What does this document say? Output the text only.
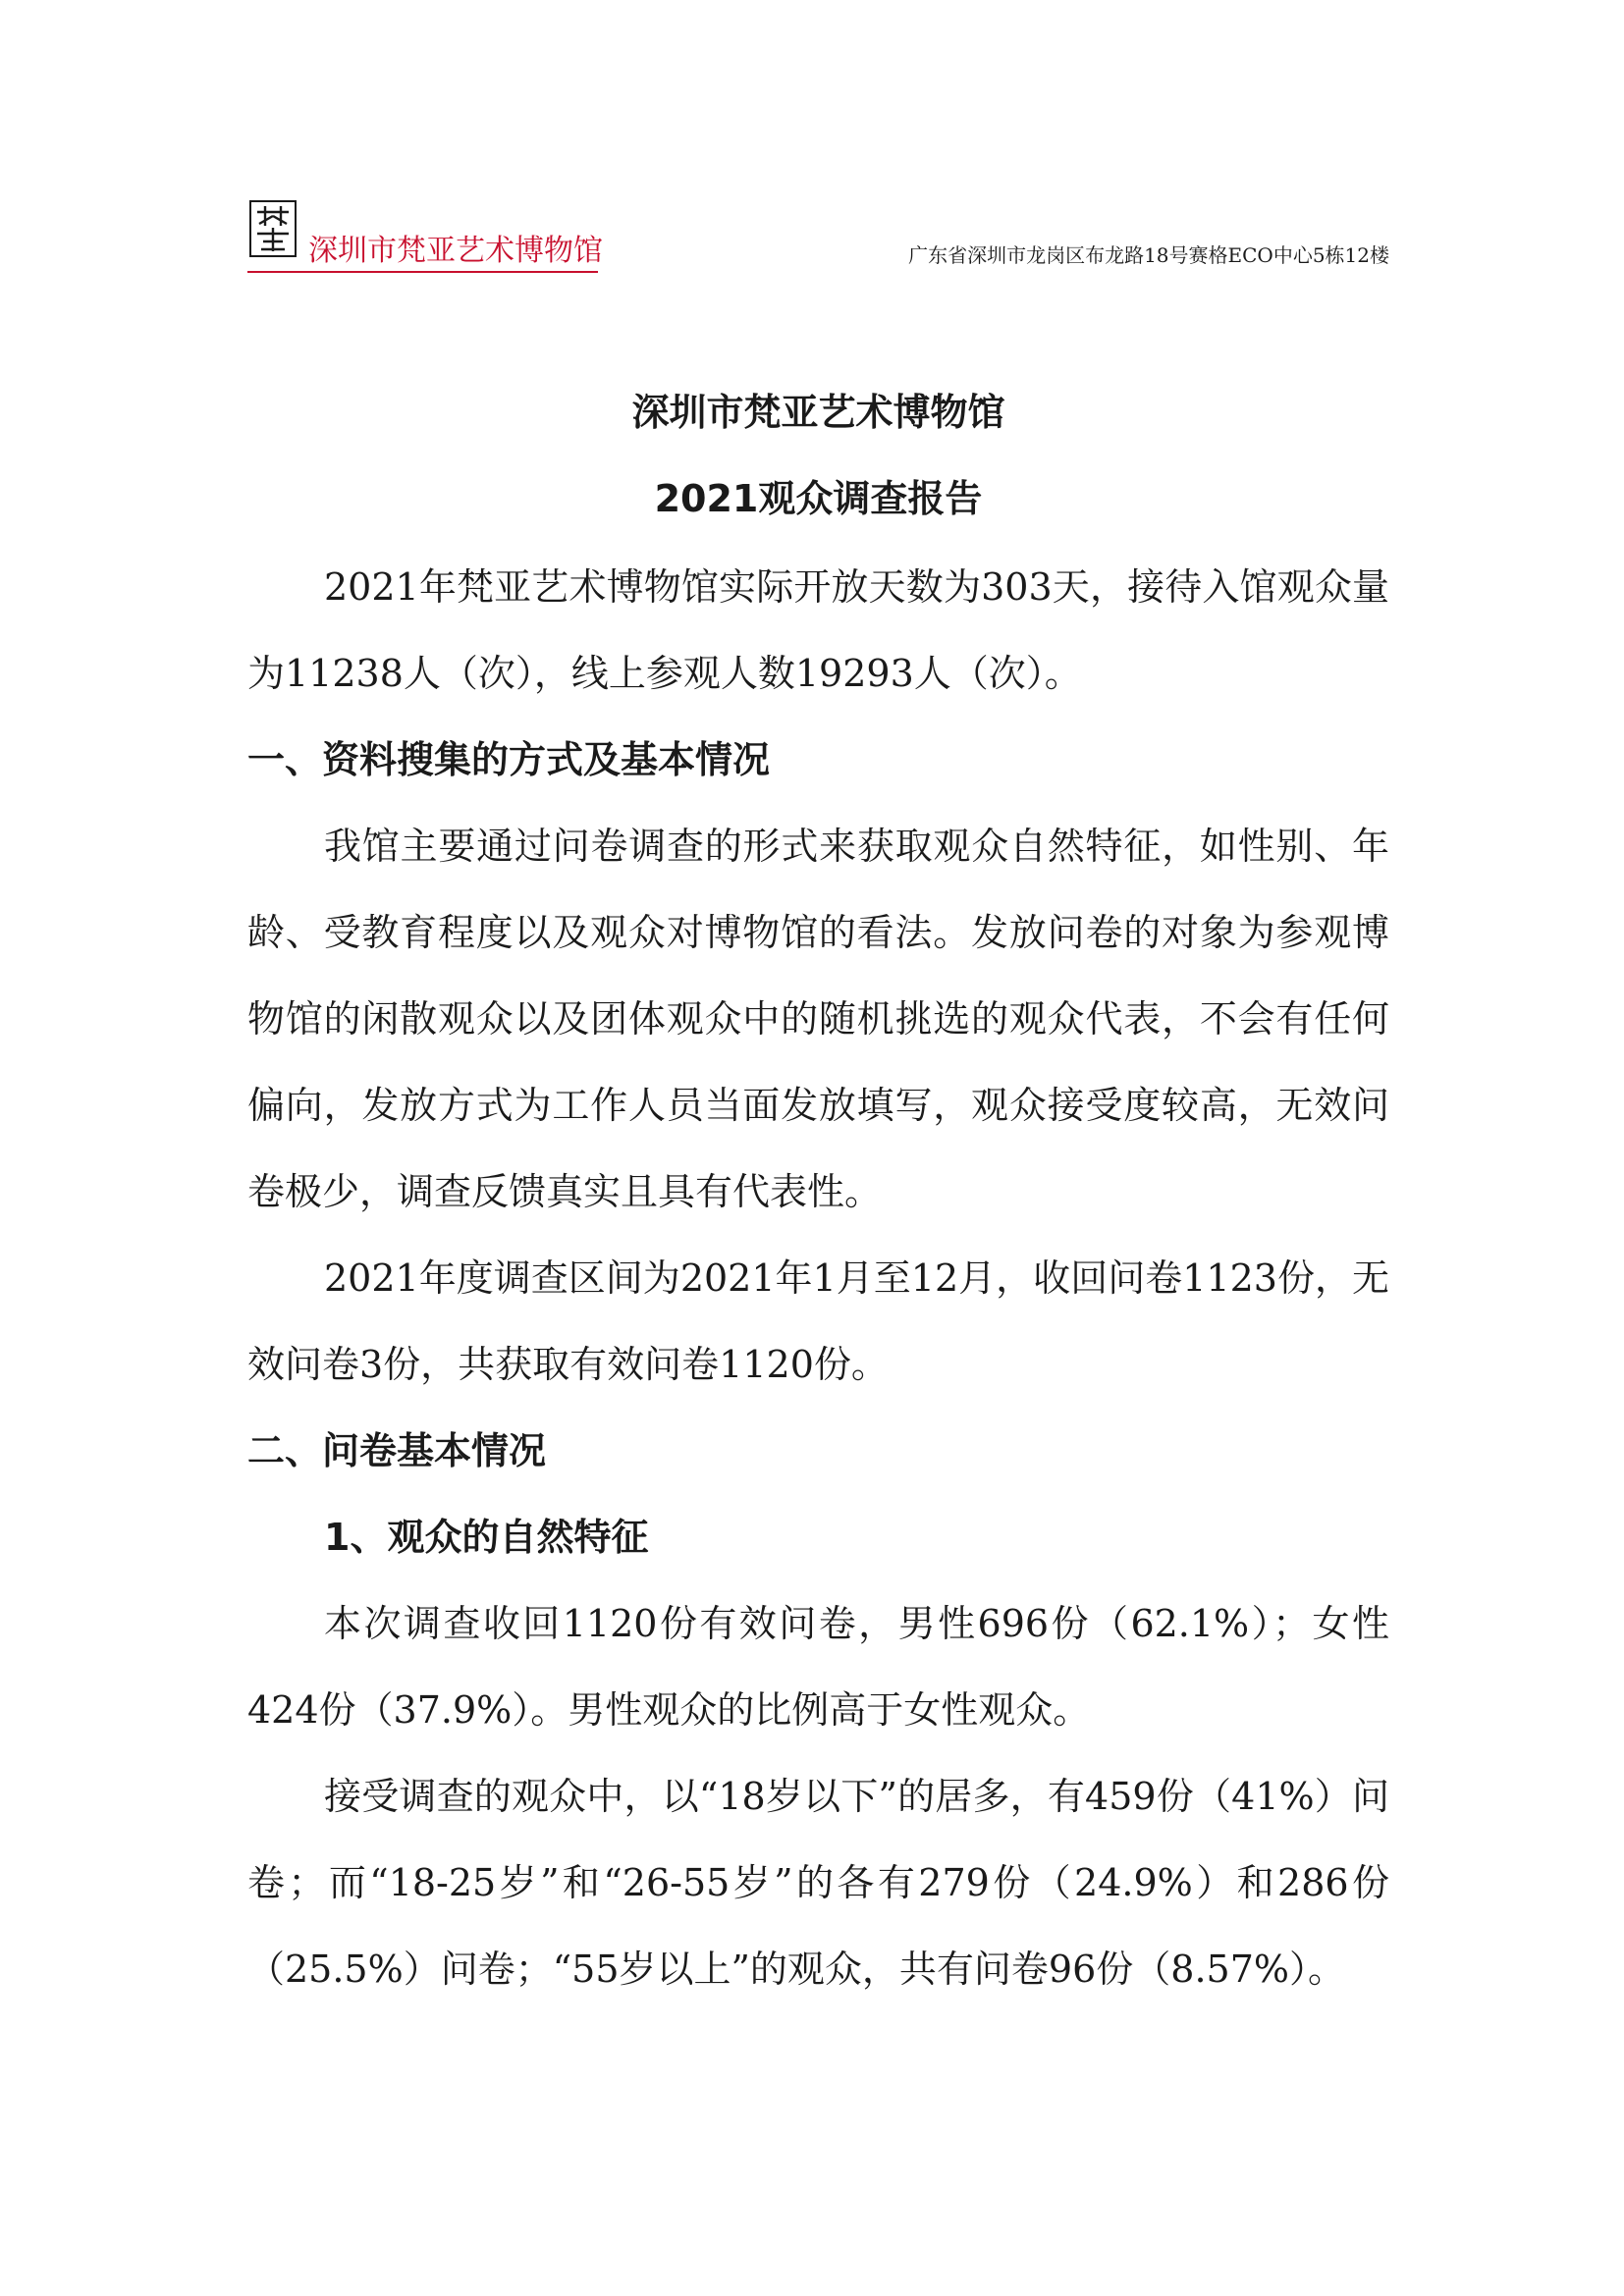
深圳市梵亚艺术博物馆	广东省深圳市龙岗区布龙路18号赛格ECO中心5栋12楼
深圳市梵亚艺术博物馆
2021观众调查报告

2021年梵亚艺术博物馆实际开放天数为303天，接待入馆观众量为11238人（次），线上参观人数19293人（次）。

一、资料搜集的方式及基本情况

我馆主要通过问卷调查的形式来获取观众自然特征，如性别、年龄、受教育程度以及观众对博物馆的看法。发放问卷的对象为参观博物馆的闲散观众以及团体观众中的随机挑选的观众代表，不会有任何偏向，发放方式为工作人员当面发放填写，观众接受度较高，无效问卷极少，调查反馈真实且具有代表性。

2021年度调查区间为2021年1月至12月，收回问卷1123份，无效问卷3份，共获取有效问卷1120份。

二、问卷基本情况

1、观众的自然特征

本次调查收回1120份有效问卷，男性696份（62.1%）；女性424份（37.9%）。男性观众的比例高于女性观众。

接受调查的观众中，以“18岁以下”的居多，有459份（41%）问卷；而“18-25岁”和“26-55岁”的各有279份（24.9%）和286份（25.5%）问卷；“55岁以上”的观众，共有问卷96份（8.57%）。
